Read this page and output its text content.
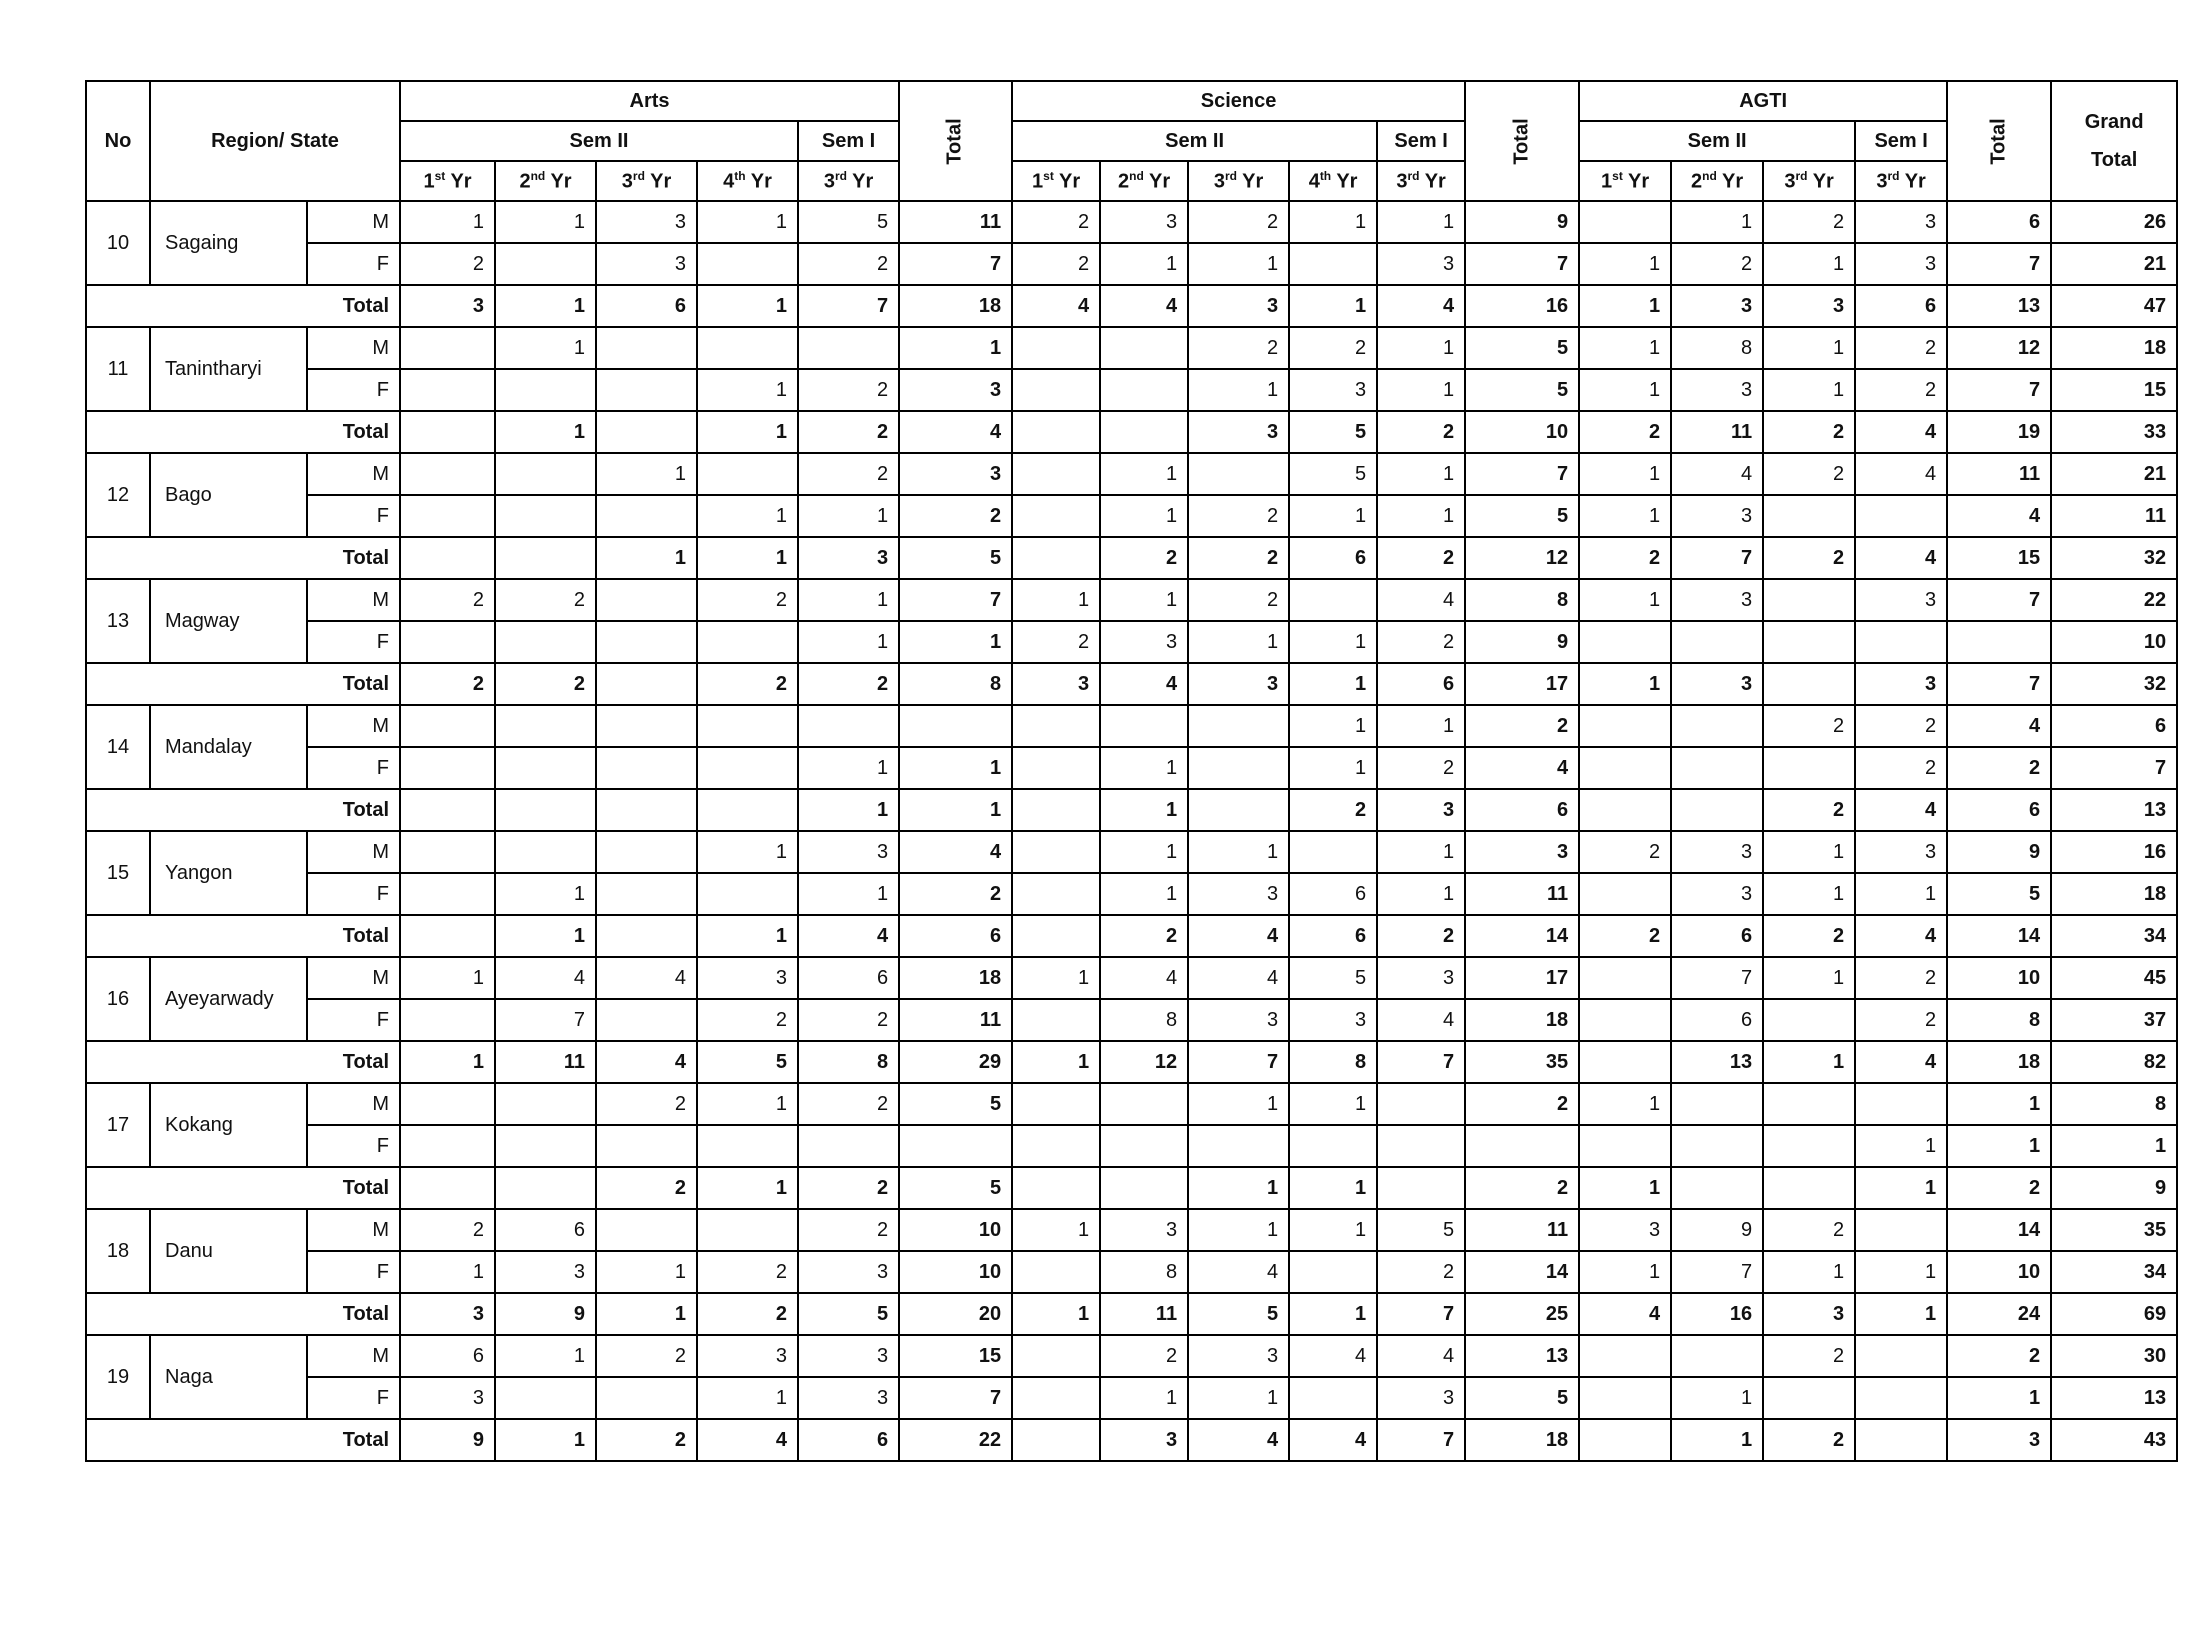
No	Region/ State		Arts					Total	Science					Total	AGTI				Total	Grand Total
			Sem II				Sem I		Sem II				Sem I		Sem II			Sem I		
			1st Yr	2nd Yr	3rd Yr	4th Yr	3rd Yr		1st Yr	2nd Yr	3rd Yr	4th Yr	3rd Yr		1st Yr	2nd Yr	3rd Yr	3rd Yr		
10	Sagaing	M	1	1	3	1	5	11	2	3	2	1	1	9		1	2	3	6	26
		F	2		3		2	7	2	1	1		3	7	1	2	1	3	7	21
Total			3	1	6	1	7	18	4	4	3	1	4	16	1	3	3	6	13	47
11	Tanintharyi	M		1				1			2	2	1	5	1	8	1	2	12	18
		F				1	2	3			1	3	1	5	1	3	1	2	7	15
Total				1		1	2	4			3	5	2	10	2	11	2	4	19	33
12	Bago	M			1		2	3		1		5	1	7	1	4	2	4	11	21
		F				1	1	2		1	2	1	1	5	1	3			4	11
Total					1	1	3	5		2	2	6	2	12	2	7	2	4	15	32
13	Magway	M	2	2		2	1	7	1	1	2		4	8	1	3		3	7	22
		F					1	1	2	3	1	1	2	9						10
Total			2	2		2	2	8	3	4	3	1	6	17	1	3		3	7	32
14	Mandalay	M										1	1	2			2	2	4	6
		F					1	1		1		1	2	4				2	2	7
Total							1	1		1		2	3	6			2	4	6	13
15	Yangon	M				1	3	4		1	1		1	3	2	3	1	3	9	16
		F		1			1	2		1	3	6	1	11		3	1	1	5	18
Total				1		1	4	6		2	4	6	2	14	2	6	2	4	14	34
16	Ayeyarwady	M	1	4	4	3	6	18	1	4	4	5	3	17		7	1	2	10	45
		F		7		2	2	11		8	3	3	4	18		6		2	8	37
Total			1	11	4	5	8	29	1	12	7	8	7	35		13	1	4	18	82
17	Kokang	M			2	1	2	5			1	1		2	1				1	8
		F																1	1	1
Total					2	1	2	5			1	1		2	1			1	2	9
18	Danu	M	2	6			2	10	1	3	1	1	5	11	3	9	2		14	35
		F	1	3	1	2	3	10		8	4		2	14	1	7	1	1	10	34
Total			3	9	1	2	5	20	1	11	5	1	7	25	4	16	3	1	24	69
19	Naga	M	6	1	2	3	3	15		2	3	4	4	13			2		2	30
		F	3			1	3	7		1	1		3	5		1			1	13
Total			9	1	2	4	6	22		3	4	4	7	18		1	2		3	43
